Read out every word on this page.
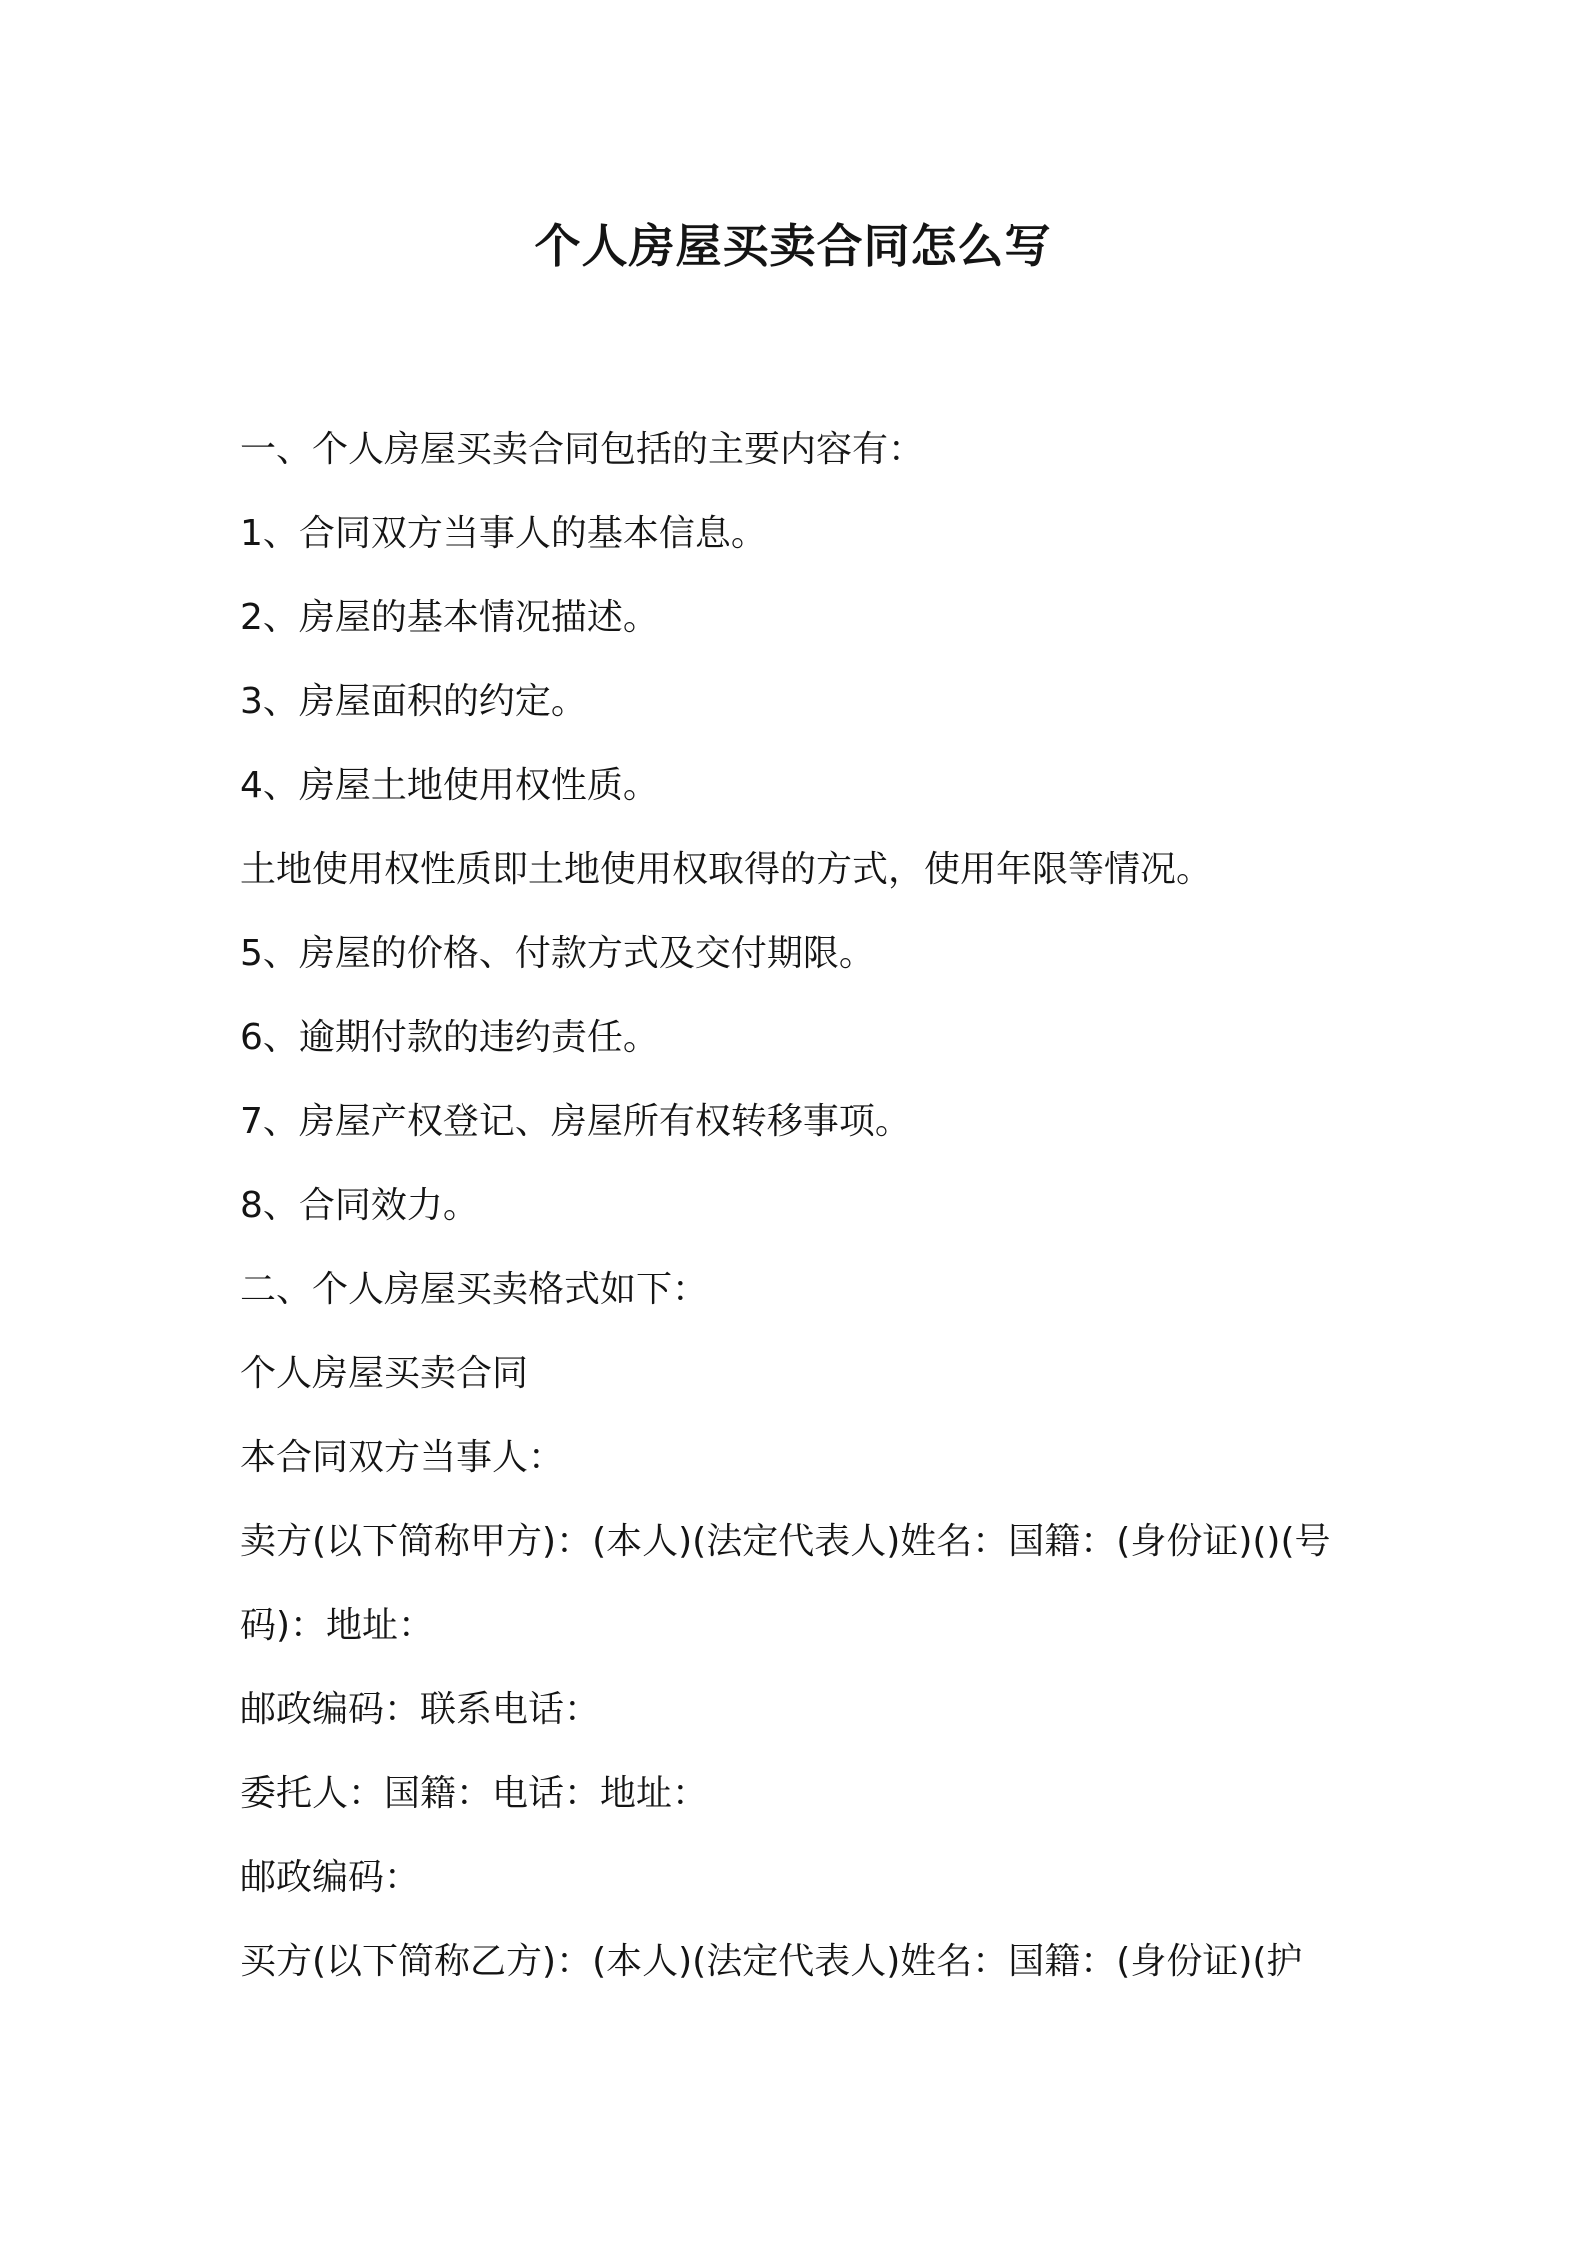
个人房屋买卖合同怎么写

一、个人房屋买卖合同包括的主要内容有：

1、合同双方当事人的基本信息。

2、房屋的基本情况描述。

3、房屋面积的约定。

4、房屋土地使用权性质。

土地使用权性质即土地使用权取得的方式，使用年限等情况。

5、房屋的价格、付款方式及交付期限。

6、逾期付款的违约责任。

7、房屋产权登记、房屋所有权转移事项。

8、合同效力。

二、个人房屋买卖格式如下：

个人房屋买卖合同

本合同双方当事人：

卖方(以下简称甲方)：(本人)(法定代表人)姓名：国籍：(身份证)()(号

码)：地址：

邮政编码：联系电话：

委托人：国籍：电话：地址：

邮政编码：

买方(以下简称乙方)：(本人)(法定代表人)姓名：国籍：(身份证)(护
